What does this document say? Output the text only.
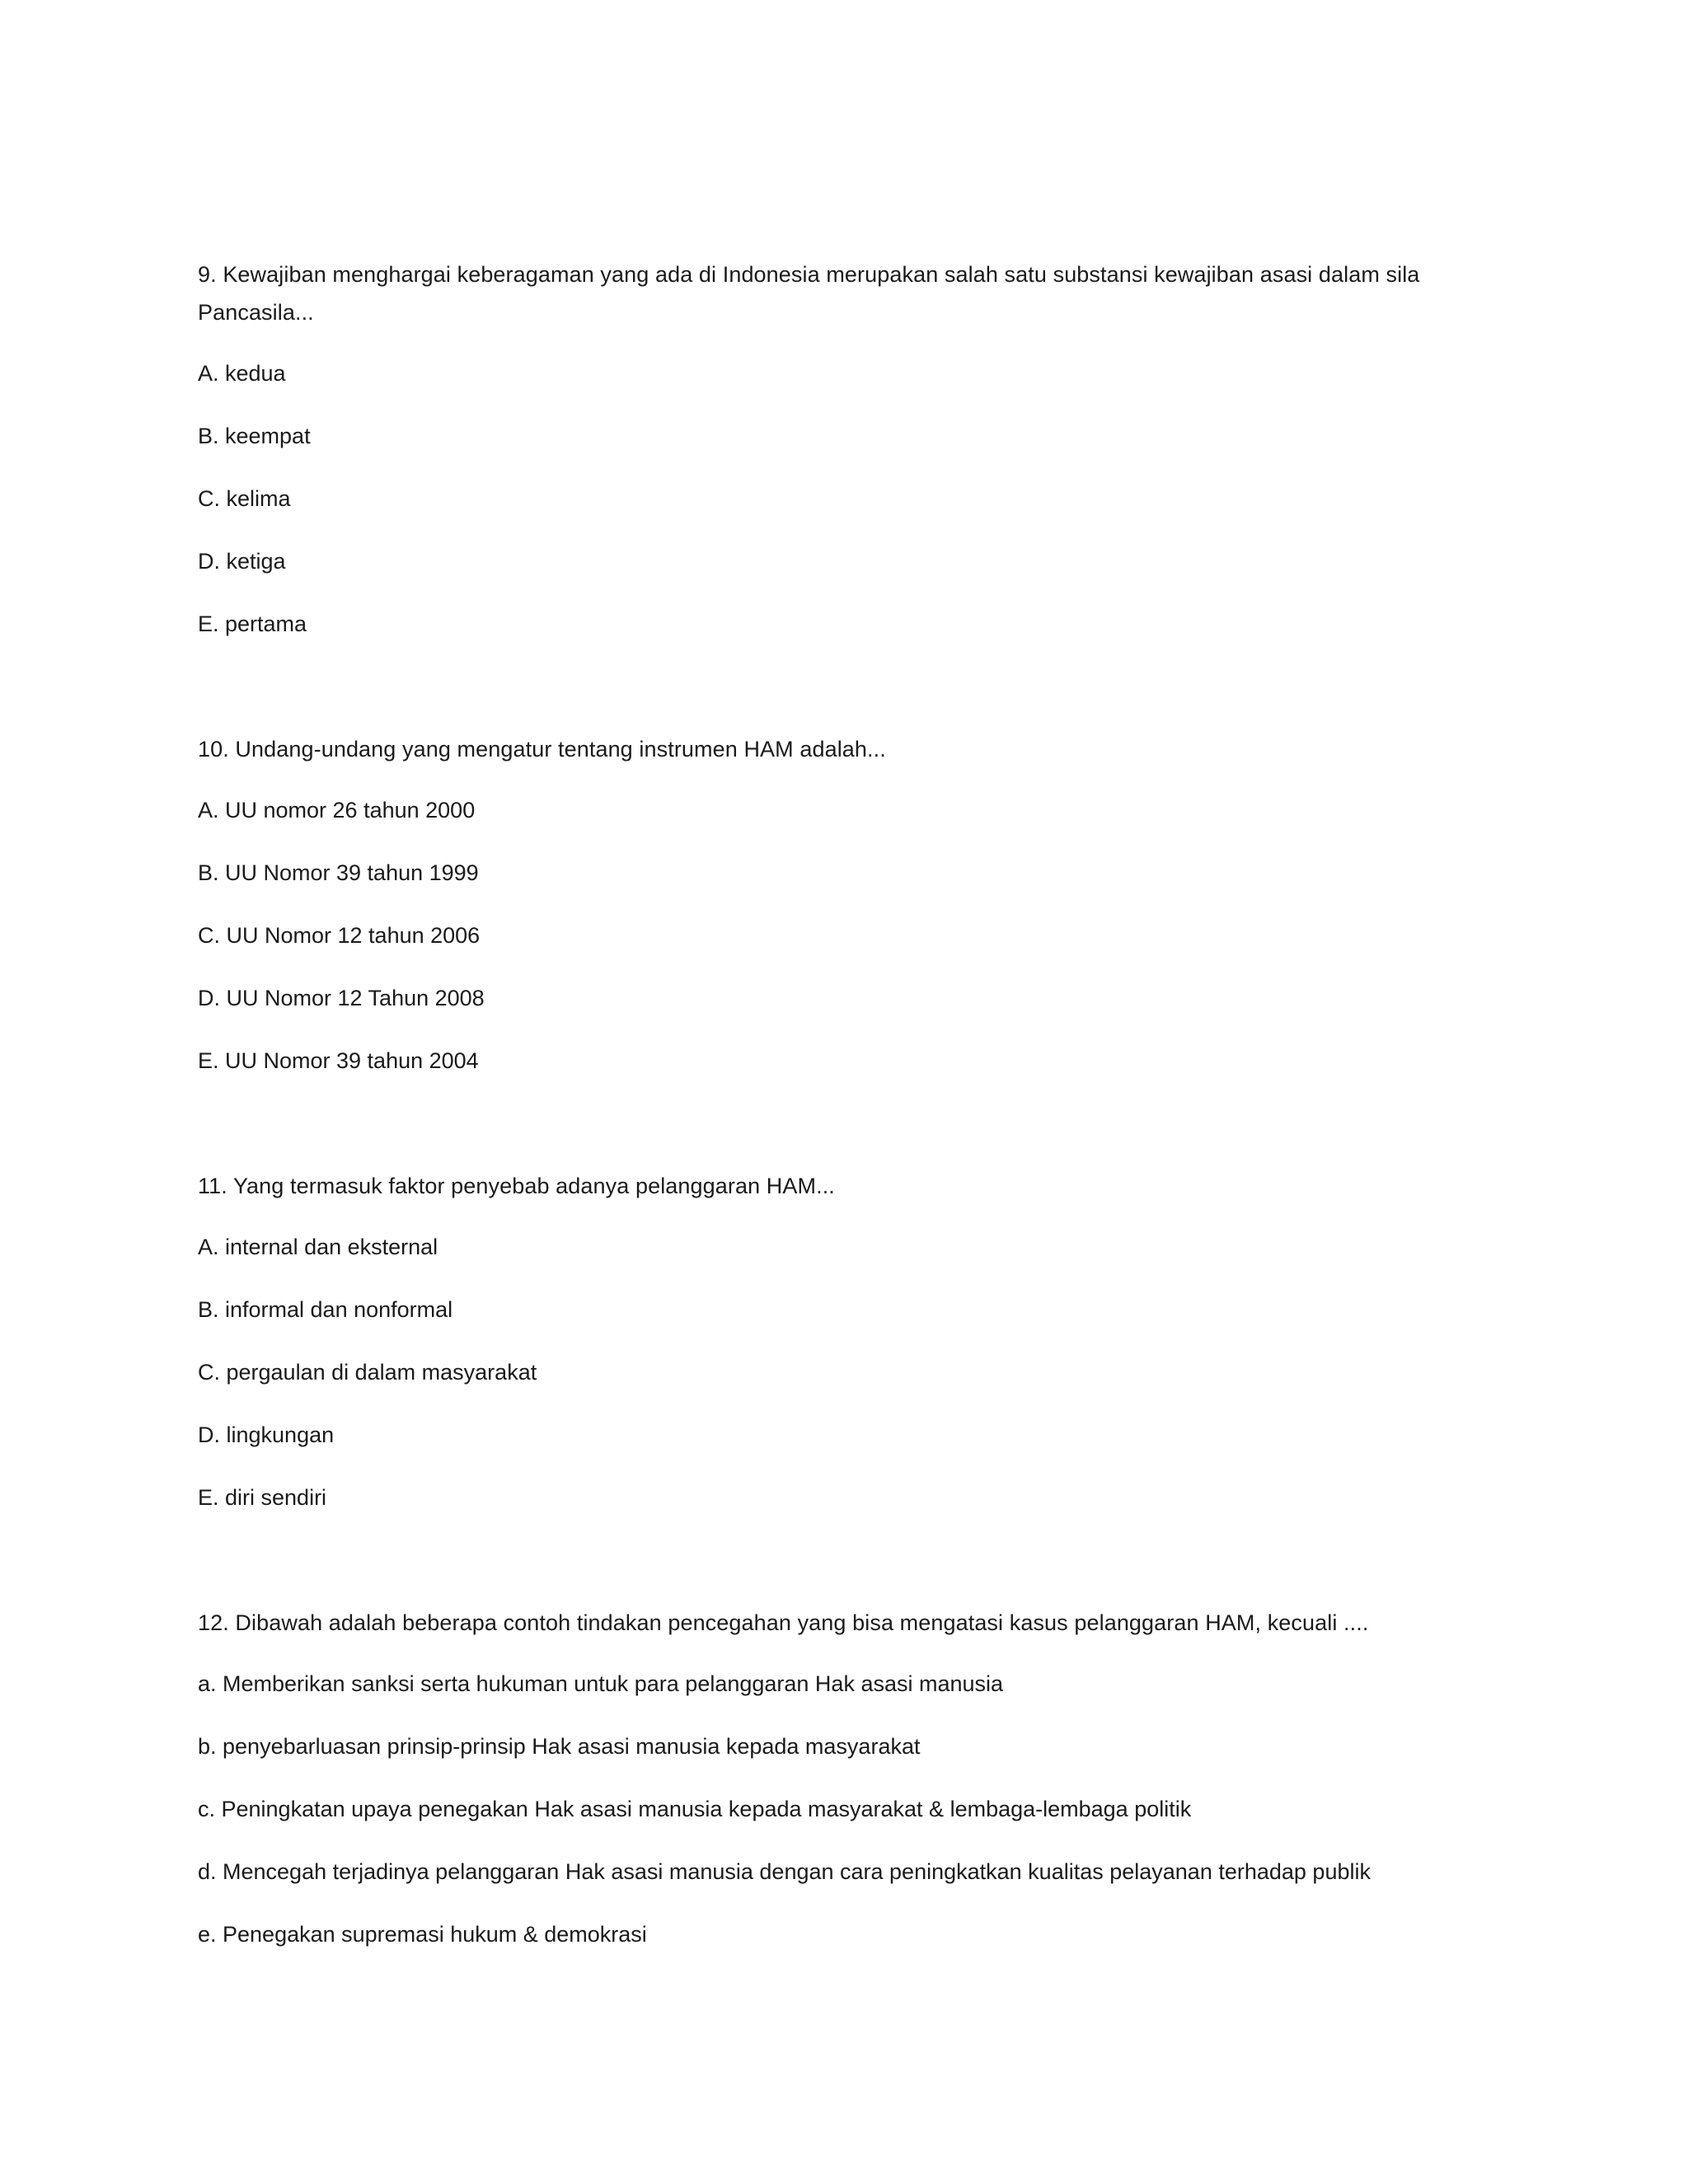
9. Kewajiban menghargai keberagaman yang ada di Indonesia merupakan salah satu substansi kewajiban asasi dalam sila Pancasila...

A. kedua

B. keempat

C. kelima

D. ketiga

E. pertama

10. Undang-undang yang mengatur tentang instrumen HAM adalah...

A. UU nomor 26 tahun 2000

B. UU Nomor 39 tahun 1999

C. UU Nomor 12 tahun 2006

D. UU Nomor 12 Tahun 2008

E. UU Nomor 39 tahun 2004

11. Yang termasuk faktor penyebab adanya pelanggaran HAM...

A. internal dan eksternal

B. informal dan nonformal

C. pergaulan di dalam masyarakat

D. lingkungan

E. diri sendiri

12. Dibawah adalah beberapa contoh tindakan pencegahan yang bisa mengatasi kasus pelanggaran HAM, kecuali ....

a. Memberikan sanksi serta hukuman untuk para pelanggaran Hak asasi manusia

b. penyebarluasan prinsip-prinsip Hak asasi manusia kepada masyarakat

c. Peningkatan upaya penegakan Hak asasi manusia kepada masyarakat & lembaga-lembaga politik

d. Mencegah terjadinya pelanggaran Hak asasi manusia dengan cara peningkatkan kualitas pelayanan terhadap publik

e. Penegakan supremasi hukum & demokrasi
